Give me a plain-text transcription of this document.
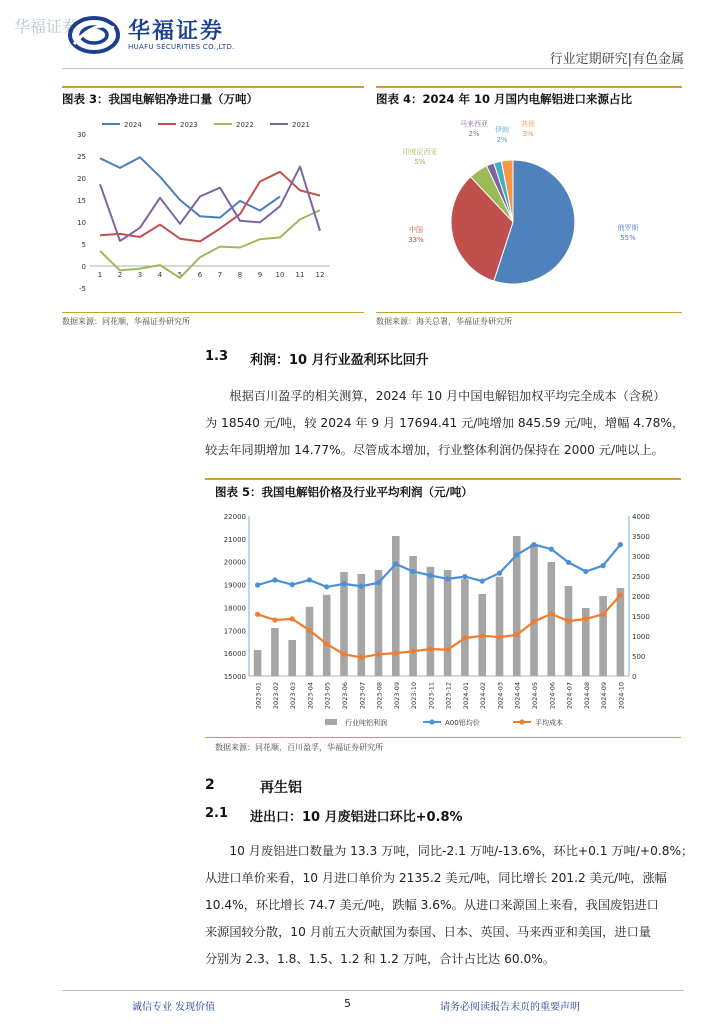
华福证券 华福证券
HUAFU SECURITIES CO.,LTD.
行业定期研究|有色金属
图表 3：我国电解铝净进口量（万吨）
-5
0
5
10
15
20
25
30
1 2 3 4 5 6 7 8 9 10 11 12
2024	2023	2022	2021
数据来源：同花顺，华福证券研究所
图表 4：2024 年 10 月国内电解铝进口来源占比
俄罗斯
55%
中国
33%
印度尼西亚
5%
马来西亚
2% 伊朗
2%
其他
3%
数据来源：海关总署，华福证券研究所
1.3 利润：10 月行业盈利环比回升
根据百川盈孚的相关测算，2024 年 10 月中国电解铝加权平均完全成本（含税）
为 18540 元/吨，较 2024 年 9 月 17694.41 元/吨增加 845.59 元/吨，增幅 4.78%，
较去年同期增加 14.77%。尽管成本增加，行业整体利润仍保持在 2000 元/吨以上。
图表 5：我国电解铝价格及行业平均利润（元/吨）
15000
16000
17000
18000
19000
20000
21000
22000
0
500
1000
1500
2000
2500
3000
3500
4000
2023-01 2023-02 2023-03 2023-04 2023-05 2023-06 2023-07 2023-08 2023-09 2023-10 2023-11 2023-12 2024-01 2024-02 2024-03 2024-04 2024-05 2024-06 2024-07 2024-08 2024-09 2024-10
行业吨铝利润	A00铝均价	平均成本
数据来源：同花顺，百川盈孚，华福证券研究所
2	再生铝
2.1 进出口：10 月废铝进口环比+0.8%
10 月废铝进口数量为 13.3 万吨，同比-2.1 万吨/-13.6%，环比+0.1 万吨/+0.8%；
从进口单价来看，10 月进口单价为 2135.2 美元/吨，同比增长 201.2 美元/吨，涨幅
10.4%，环比增长 74.7 美元/吨，跌幅 3.6%。从进口来源国上来看，我国废铝进口
来源国较分散，10 月前五大贡献国为泰国、日本、英国、马来西亚和美国，进口量
分别为 2.3、1.8、1.5、1.2 和 1.2 万吨，合计占比达 60.0%。
诚信专业 发现价值	5	请务必阅读报告末页的重要声明
